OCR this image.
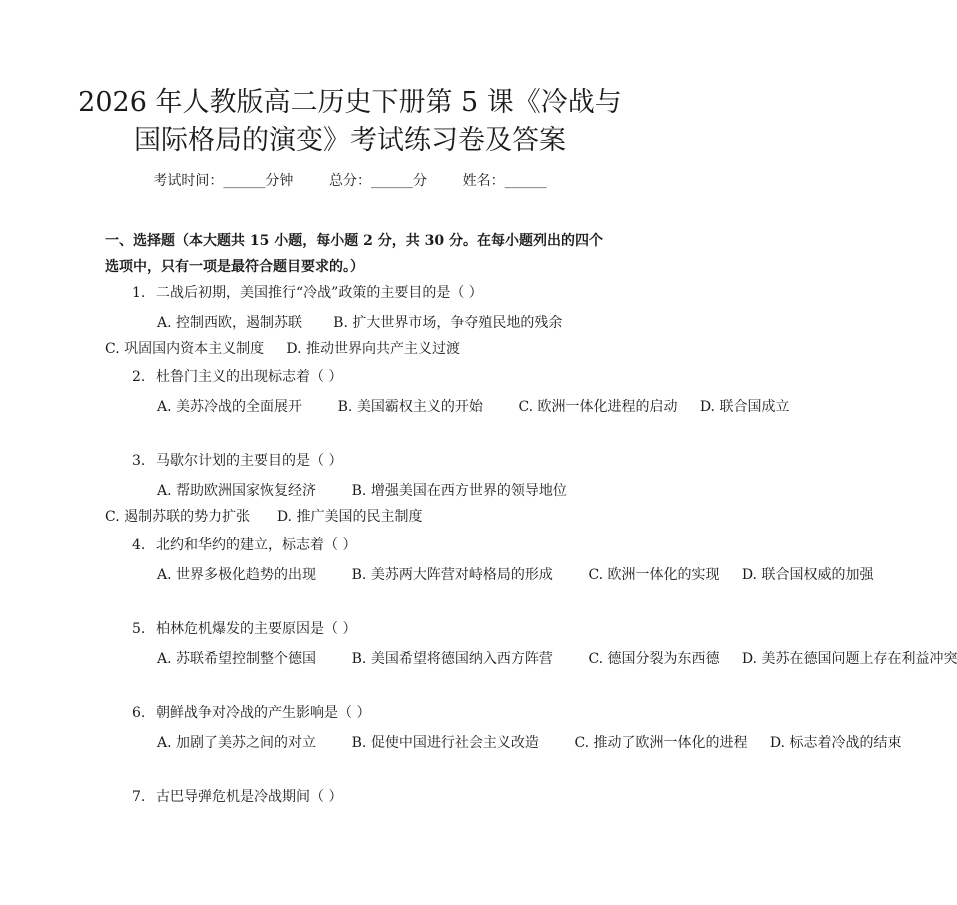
2026 年人教版高二历史下册第 5 课《冷战与
国际格局的演变》考试练习卷及答案
考试时间：______分钟	总分：______分	姓名：______
一、选择题（本大题共 15 小题，每小题 2 分，共 30 分。在每小题列出的四个选项中，只有一项是最符合题目要求的。）
1. 二战后初期，美国推行“冷战”政策的主要目的是（ ）
A. 控制西欧，遏制苏联 B. 扩大世界市场，争夺殖民地的残余 C. 巩固国内资本主义制度 D. 推动世界向共产主义过渡
2. 杜鲁门主义的出现标志着（ ）
A. 美苏冷战的全面展开	B. 美国霸权主义的开始	C. 欧洲一体化进程的启动 D. 联合国成立
3. 马歇尔计划的主要目的是（ ）
A. 帮助欧洲国家恢复经济	B. 增强美国在西方世界的领导地位 C. 遏制苏联的势力扩张 D. 推广美国的民主制度
4. 北约和华约的建立，标志着（ ）
A. 世界多极化趋势的出现	B. 美苏两大阵营对峙格局的形成	C. 欧洲一体化的实现 D. 联合国权威的加强
5. 柏林危机爆发的主要原因是（ ）
A. 苏联希望控制整个德国	B. 美国希望将德国纳入西方阵营	C. 德国分裂为东西德 D. 美苏在德国问题上存在利益冲突
6. 朝鲜战争对冷战的产生影响是（ ）
A. 加剧了美苏之间的对立	B. 促使中国进行社会主义改造	C. 推动了欧洲一体化的进程 D. 标志着冷战的结束
7. 古巴导弹危机是冷战期间（ ）
